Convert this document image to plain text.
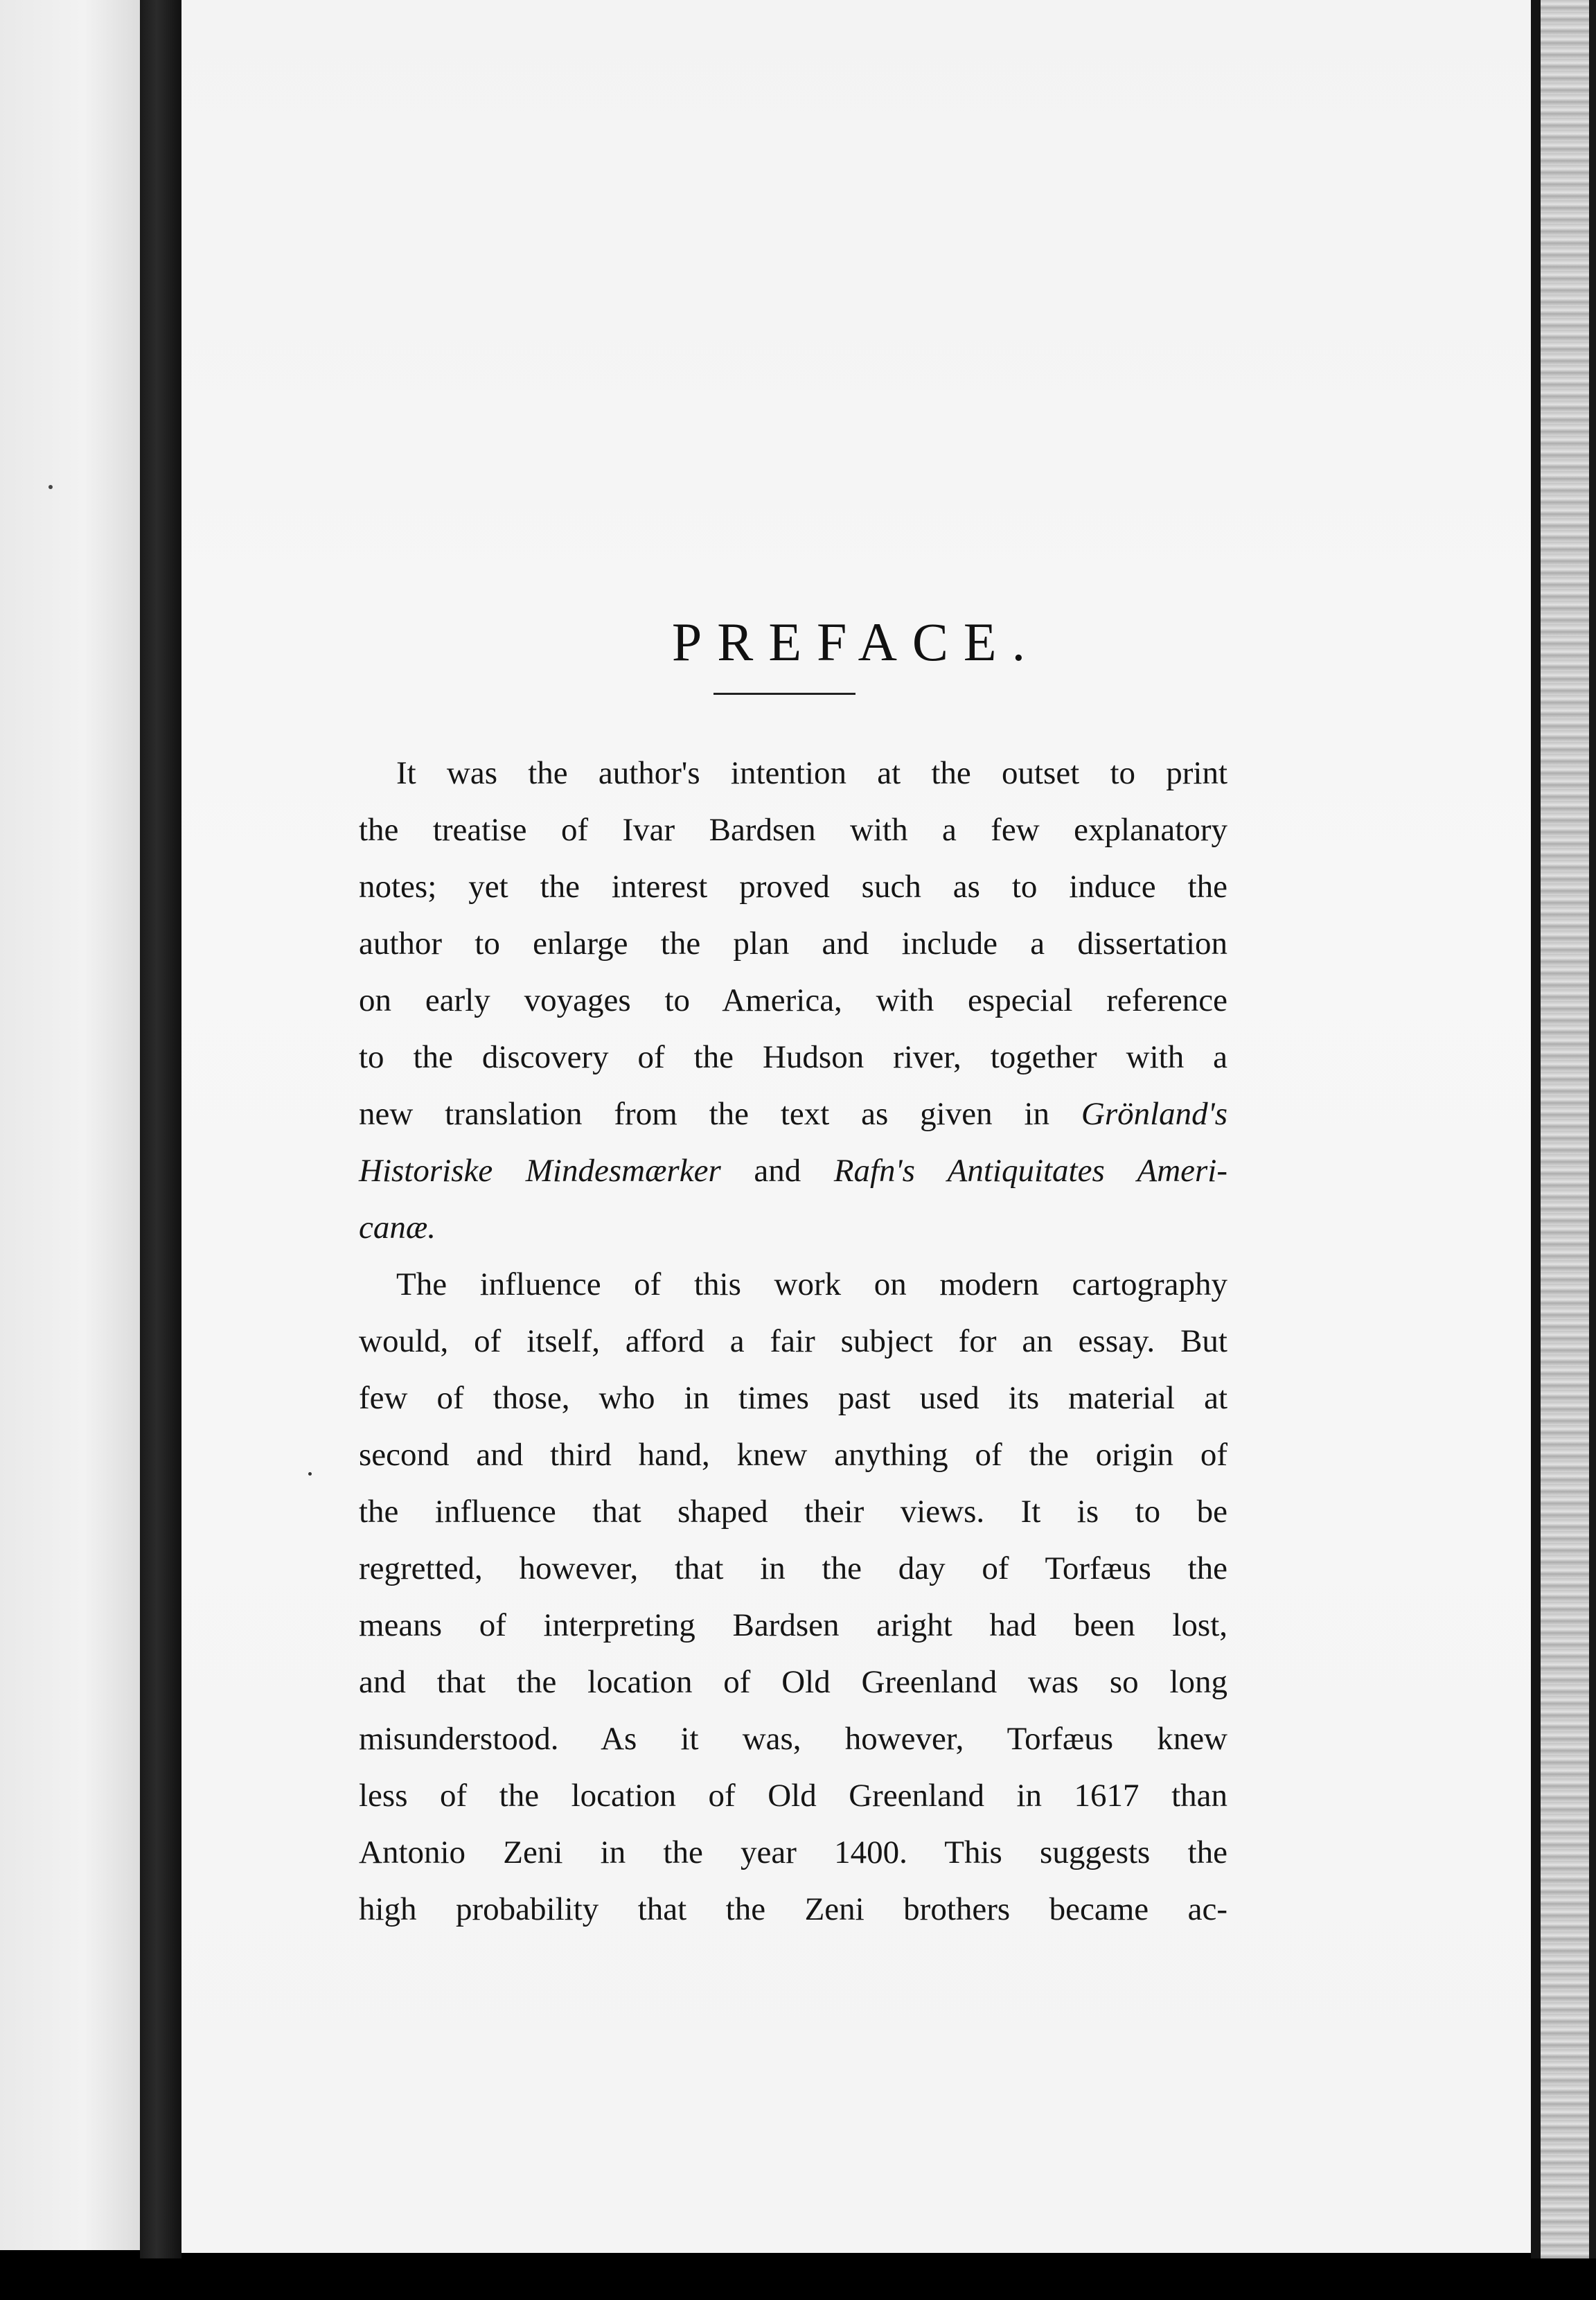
PREFACE.
It was the author's intention at the outset to print
the treatise of Ivar Bardsen with a few explanatory
notes; yet the interest proved such as to induce the
author to enlarge the plan and include a dissertation
on early voyages to America, with especial reference
to the discovery of the Hudson river, together with a
new translation from the text as given in Grönland's
Historiske Mindesmærker and Rafn's Antiquitates Ameri-
canæ.
The influence of this work on modern cartography
would, of itself, afford a fair subject for an essay. But
few of those, who in times past used its material at
second and third hand, knew anything of the origin of
the influence that shaped their views. It is to be
regretted, however, that in the day of Torfæus the
means of interpreting Bardsen aright had been lost,
and that the location of Old Greenland was so long
misunderstood. As it was, however, Torfæus knew
less of the location of Old Greenland in 1617 than
Antonio Zeni in the year 1400. This suggests the
high probability that the Zeni brothers became ac-
